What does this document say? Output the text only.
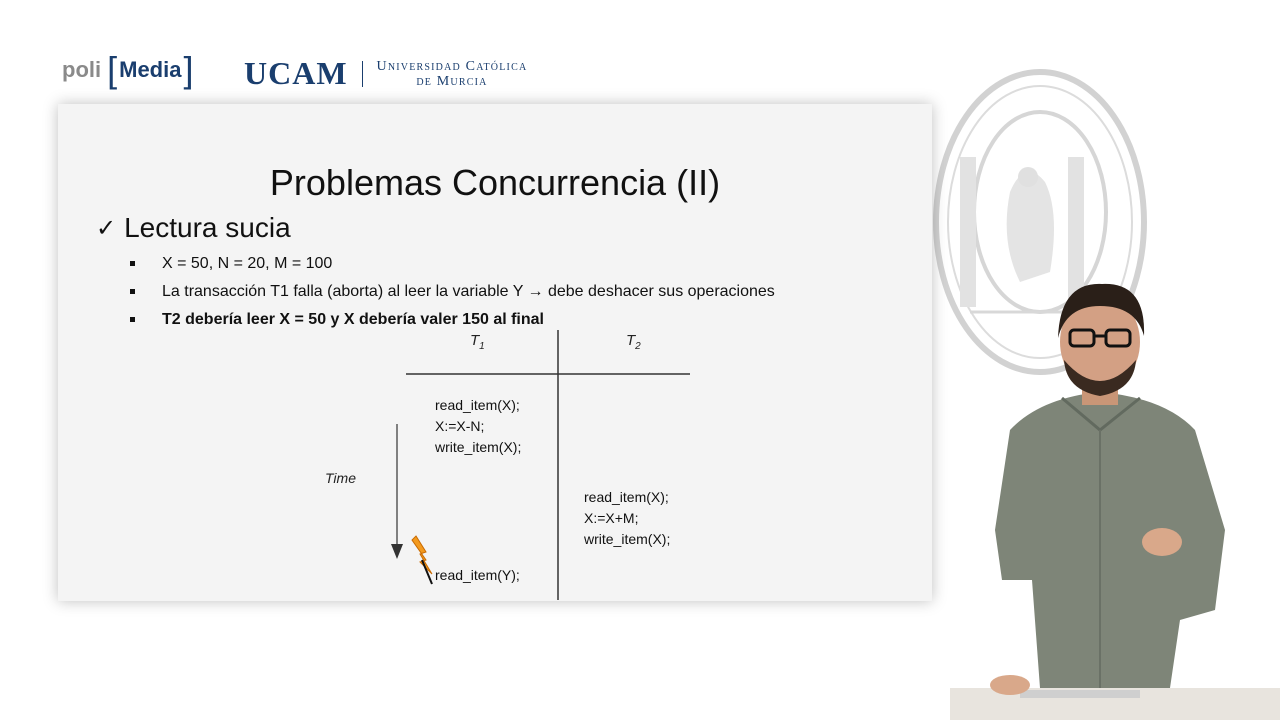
poli [ Media ] UCAM Universidad Católica
de Murcia
Problemas Concurrencia (II)
✓ Lectura sucia
X = 50, N = 20, M = 100
La transacción T1 falla (aborta) al leer la variable Y → debe deshacer sus operaciones
T2 debería leer X = 50 y X debería valer 150 al final
$T_1$	$T_2$
Time
read_item(X);
X:=X-N;
write_item(X);
read_item(X);
X:=X+M;
write_item(X);
read_item(Y);
